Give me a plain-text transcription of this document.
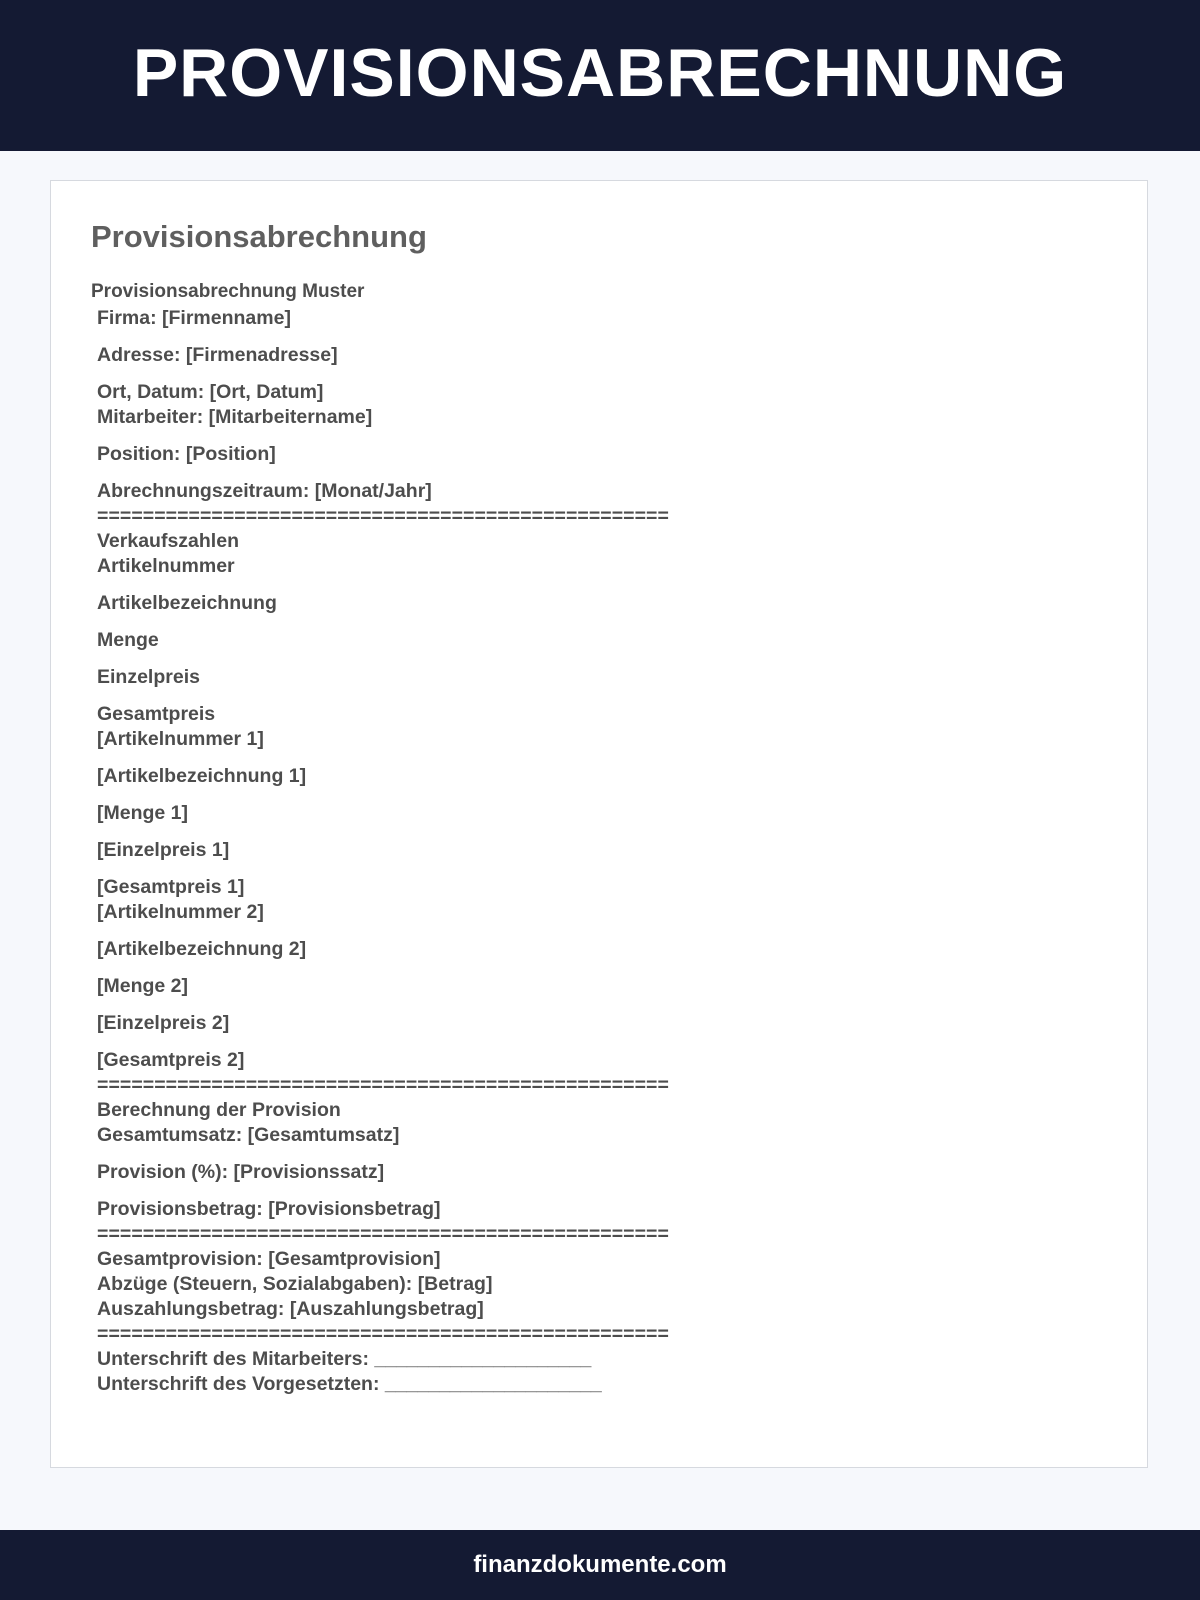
PROVISIONSABRECHNUNG
Provisionsabrechnung
Provisionsabrechnung Muster
Firma: [Firmenname]
Adresse: [Firmenadresse]
Ort, Datum: [Ort, Datum]
Mitarbeiter: [Mitarbeitername]
Position: [Position]
Abrechnungszeitraum: [Monat/Jahr]
==================================================
Verkaufszahlen
Artikelnummer
Artikelbezeichnung
Menge
Einzelpreis
Gesamtpreis
[Artikelnummer 1]
[Artikelbezeichnung 1]
[Menge 1]
[Einzelpreis 1]
[Gesamtpreis 1]
[Artikelnummer 2]
[Artikelbezeichnung 2]
[Menge 2]
[Einzelpreis 2]
[Gesamtpreis 2]
==================================================
Berechnung der Provision
Gesamtumsatz: [Gesamtumsatz]
Provision (%): [Provisionssatz]
Provisionsbetrag: [Provisionsbetrag]
==================================================
Gesamtprovision: [Gesamtprovision]
Abzüge (Steuern, Sozialabgaben): [Betrag]
Auszahlungsbetrag: [Auszahlungsbetrag]
==================================================
Unterschrift des Mitarbeiters: ____________________
Unterschrift des Vorgesetzten: ____________________
finanzdokumente.com
